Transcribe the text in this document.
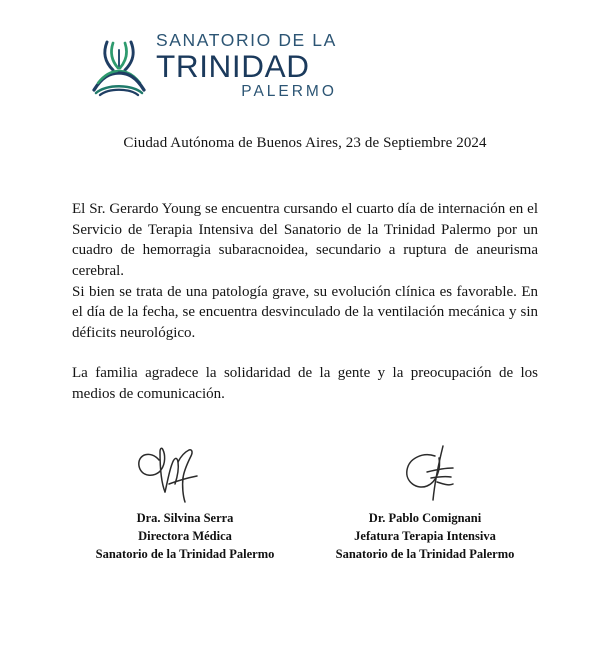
SANATORIO DE LA
TRINIDAD
PALERMO
Ciudad Autónoma de Buenos Aires, 23 de Septiembre 2024

El Sr. Gerardo Young se encuentra cursando el cuarto día de internación en el Servicio de Terapia Intensiva del Sanatorio de la Trinidad Palermo por un cuadro de hemorragia subaracnoidea, secundario a ruptura de aneurisma cerebral.

Si bien se trata de una patología grave, su evolución clínica es favorable. En el día de la fecha, se encuentra desvinculado de la ventilación mecánica y sin déficits neurológico.

La familia agradece la solidaridad de la gente y la preocupación de los medios de comunicación.

Dra. Silvina Serra
Directora Médica
Sanatorio de la Trinidad Palermo
Dr. Pablo Comignani
Jefatura Terapia Intensiva
Sanatorio de la Trinidad Palermo
